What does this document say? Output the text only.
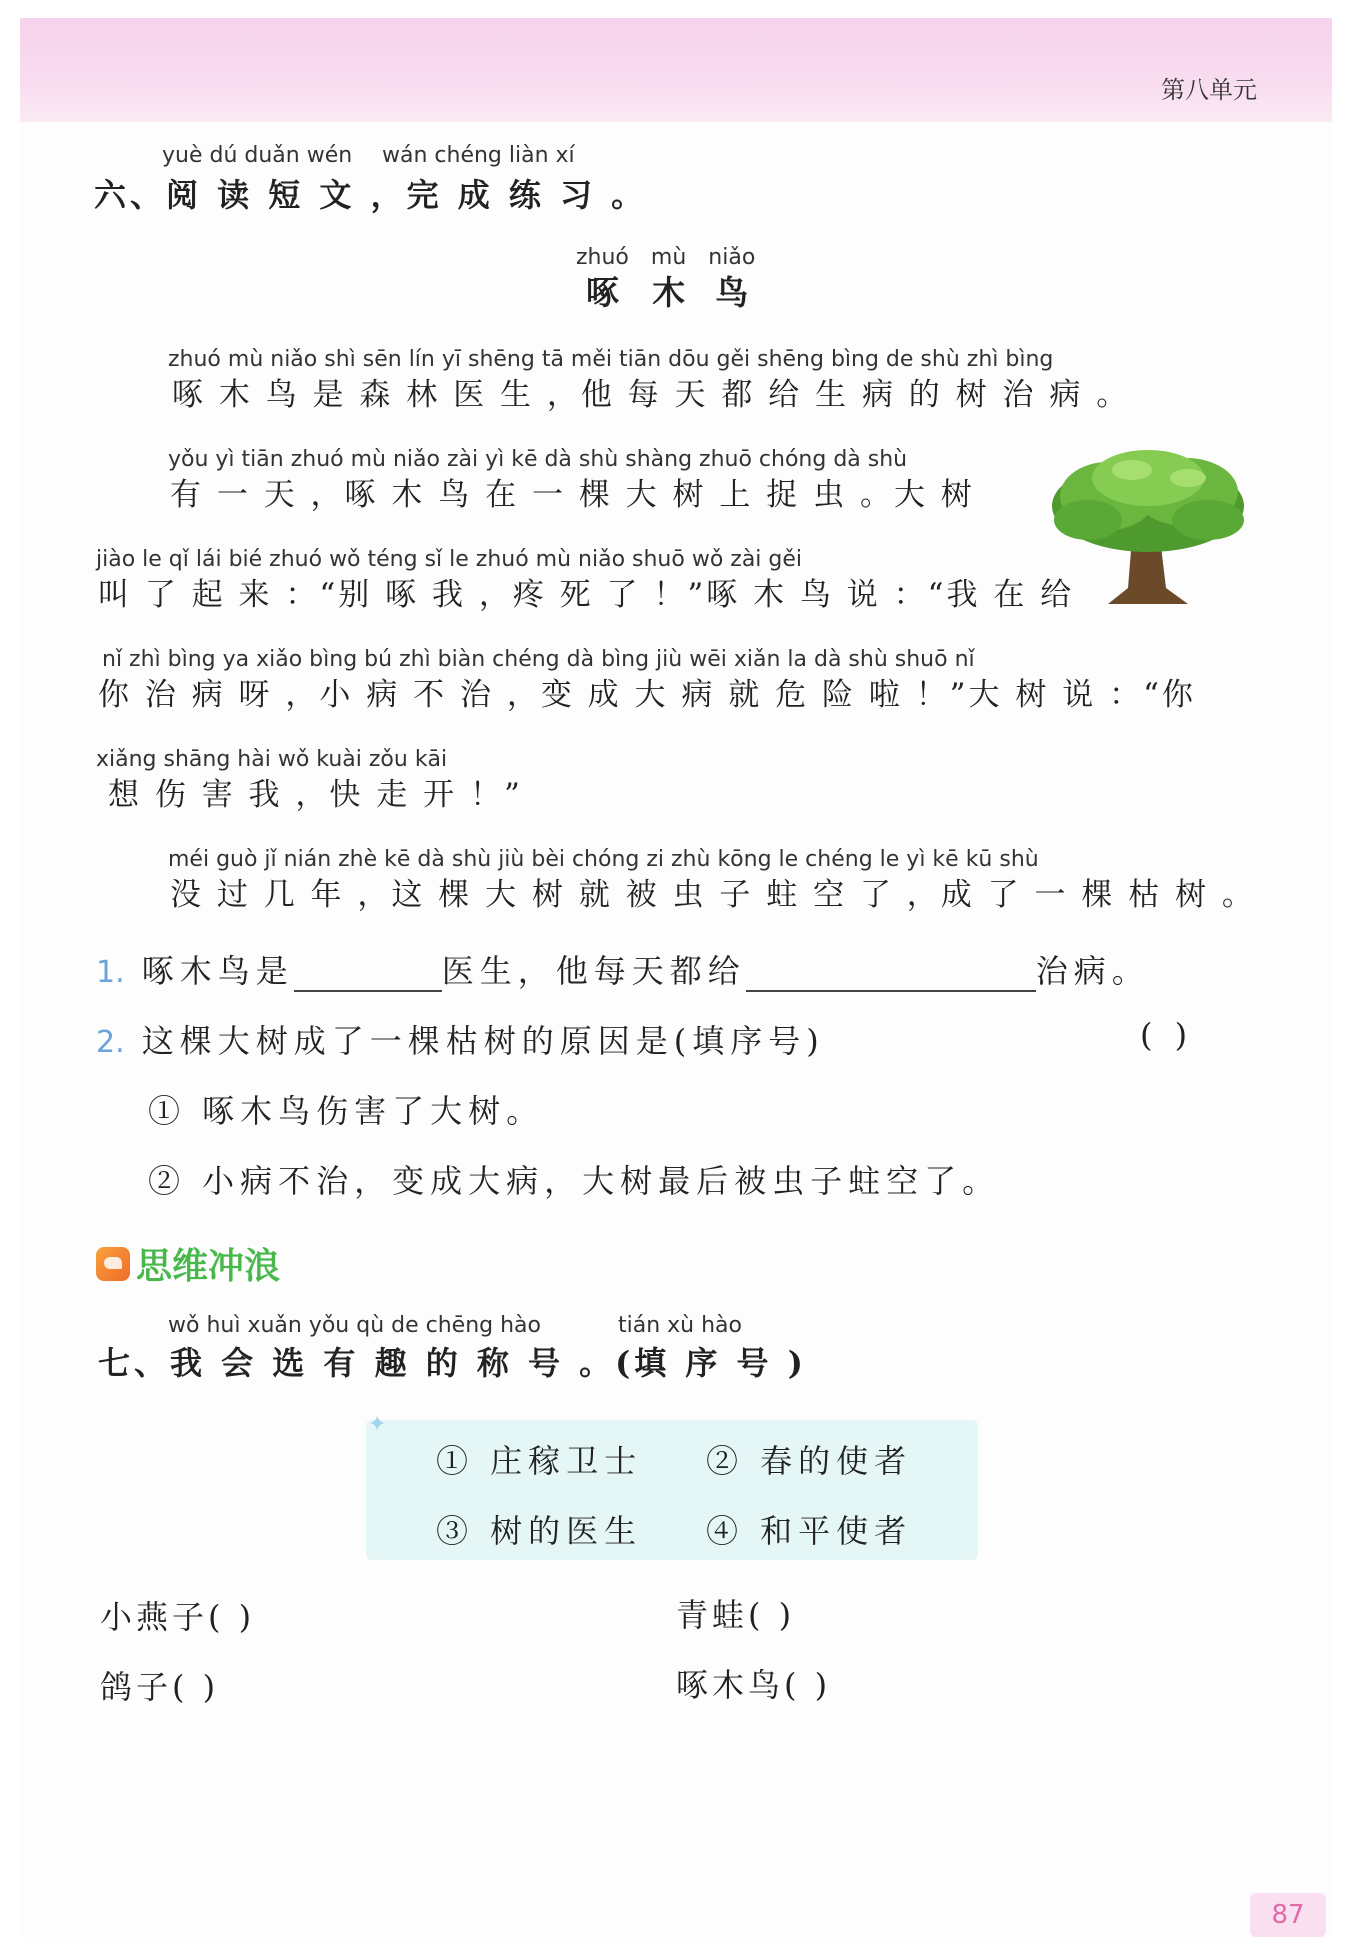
第八单元
yuè dú duǎn wén wán chéng liàn xí
六、阅 读 短 文 ，完 成 练 习 。
zhuó
啄
mù
木
niǎo
鸟
zhuó mù niǎo shì sēn lín yī shēng tā měi tiān dōu gěi shēng bìng de shù zhì bìng
啄 木 鸟 是 森 林 医 生 ，他 每 天 都 给 生 病 的 树 治 病 。
yǒu yì tiān zhuó mù niǎo zài yì kē dà shù shàng zhuō chóng dà shù
有 一 天 ，啄 木 鸟 在 一 棵 大 树 上 捉 虫 。大 树
jiào le qǐ lái bié zhuó wǒ téng sǐ le zhuó mù niǎo shuō wǒ zài gěi
叫 了 起 来 ：“别 啄 我 ，疼 死 了 ！”啄 木 鸟 说 ：“我 在 给
nǐ zhì bìng ya xiǎo bìng bú zhì biàn chéng dà bìng jiù wēi xiǎn la dà shù shuō nǐ
你 治 病 呀 ，小 病 不 治 ，变 成 大 病 就 危 险 啦 ！”大 树 说 ：“你
xiǎng shāng hài wǒ kuài zǒu kāi
想 伤 害 我 ，快 走 开 ！”
méi guò jǐ nián zhè kē dà shù jiù bèi chóng zi zhù kōng le chéng le yì kē kū shù
没 过 几 年 ，这 棵 大 树 就 被 虫 子 蛀 空 了 ，成 了 一 棵 枯 树 。
1. 啄木鸟是	医生，他每天都给	治病。
2. 这棵大树成了一棵枯树的原因是(填序号)	( )
① 啄木鸟伤害了大树。
② 小病不治，变成大病，大树最后被虫子蛀空了。
思维冲浪
wǒ huì xuǎn yǒu qù de chēng hào	tián xù hào
七、我 会 选 有 趣 的 称 号 。(填 序 号 )
✦
① 庄稼卫士 ② 春的使者
③ 树的医生 ④ 和平使者
小燕子( )	青蛙( )
鸽子( )	啄木鸟( )
87
